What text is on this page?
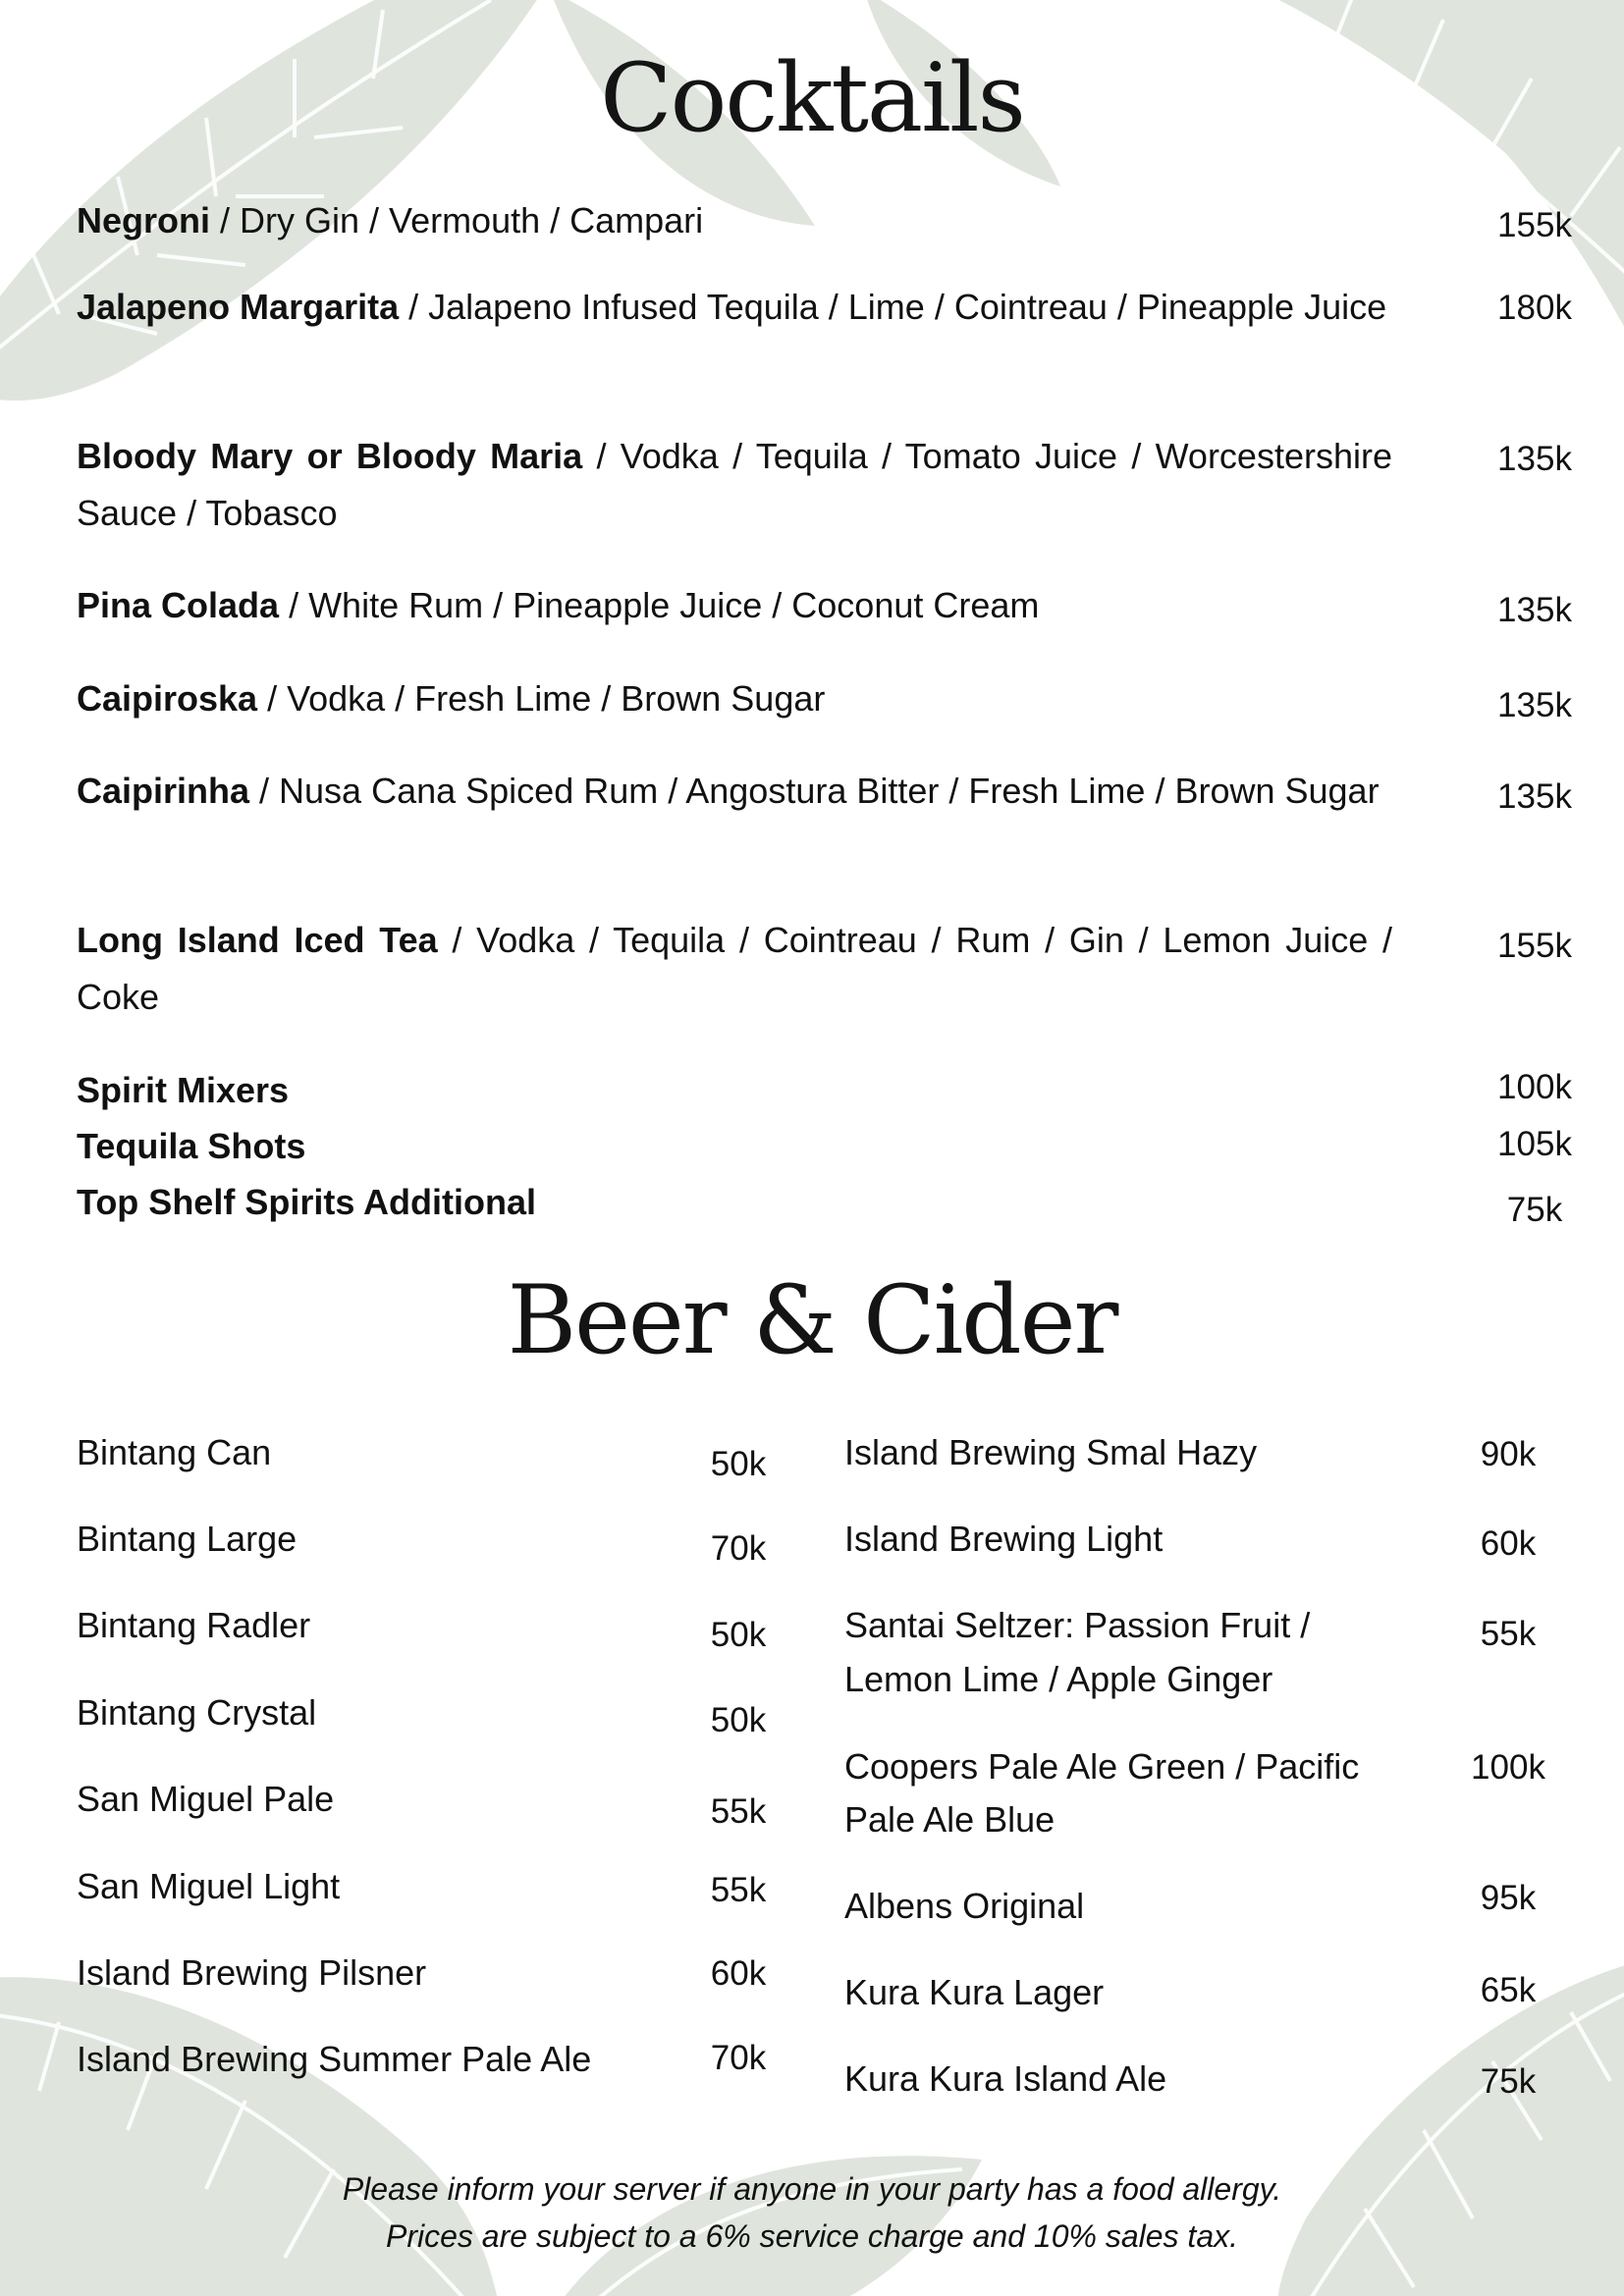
Cocktails
Negroni / Dry Gin / Vermouth / Campari	155k
Jalapeno Margarita / Jalapeno Infused Tequila / Lime / Cointreau / Pineapple Juice	180k
Bloody Mary or Bloody Maria / Vodka / Tequila / Tomato Juice / Worcestershire Sauce / Tobasco
135k
Pina Colada / White Rum / Pineapple Juice / Coconut Cream	135k
Caipiroska / Vodka / Fresh Lime / Brown Sugar	135k
Caipirinha / Nusa Cana Spiced Rum / Angostura Bitter / Fresh Lime / Brown Sugar	135k
Long Island Iced Tea / Vodka / Tequila / Cointreau / Rum / Gin / Lemon Juice / Coke
155k
Spirit Mixers	100k
Tequila Shots	105k
Top Shelf Spirits Additional	75k
Beer & Cider
Bintang Can	50k
Bintang Large	70k
Bintang Radler	50k
Bintang Crystal	50k
San Miguel Pale	55k
San Miguel Light	55k
Island Brewing Pilsner	60k
Island Brewing Summer Pale Ale	70k
Island Brewing Smal Hazy	90k
Island Brewing Light	60k
Santai Seltzer: Passion Fruit /
Lemon Lime / Apple Ginger
55k
Coopers Pale Ale Green / Pacific
Pale Ale Blue
100k
Albens Original	95k
Kura Kura Lager	65k
Kura Kura Island Ale	75k
Please inform your server if anyone in your party has a food allergy.
Prices are subject to a 6% service charge and 10% sales tax.
